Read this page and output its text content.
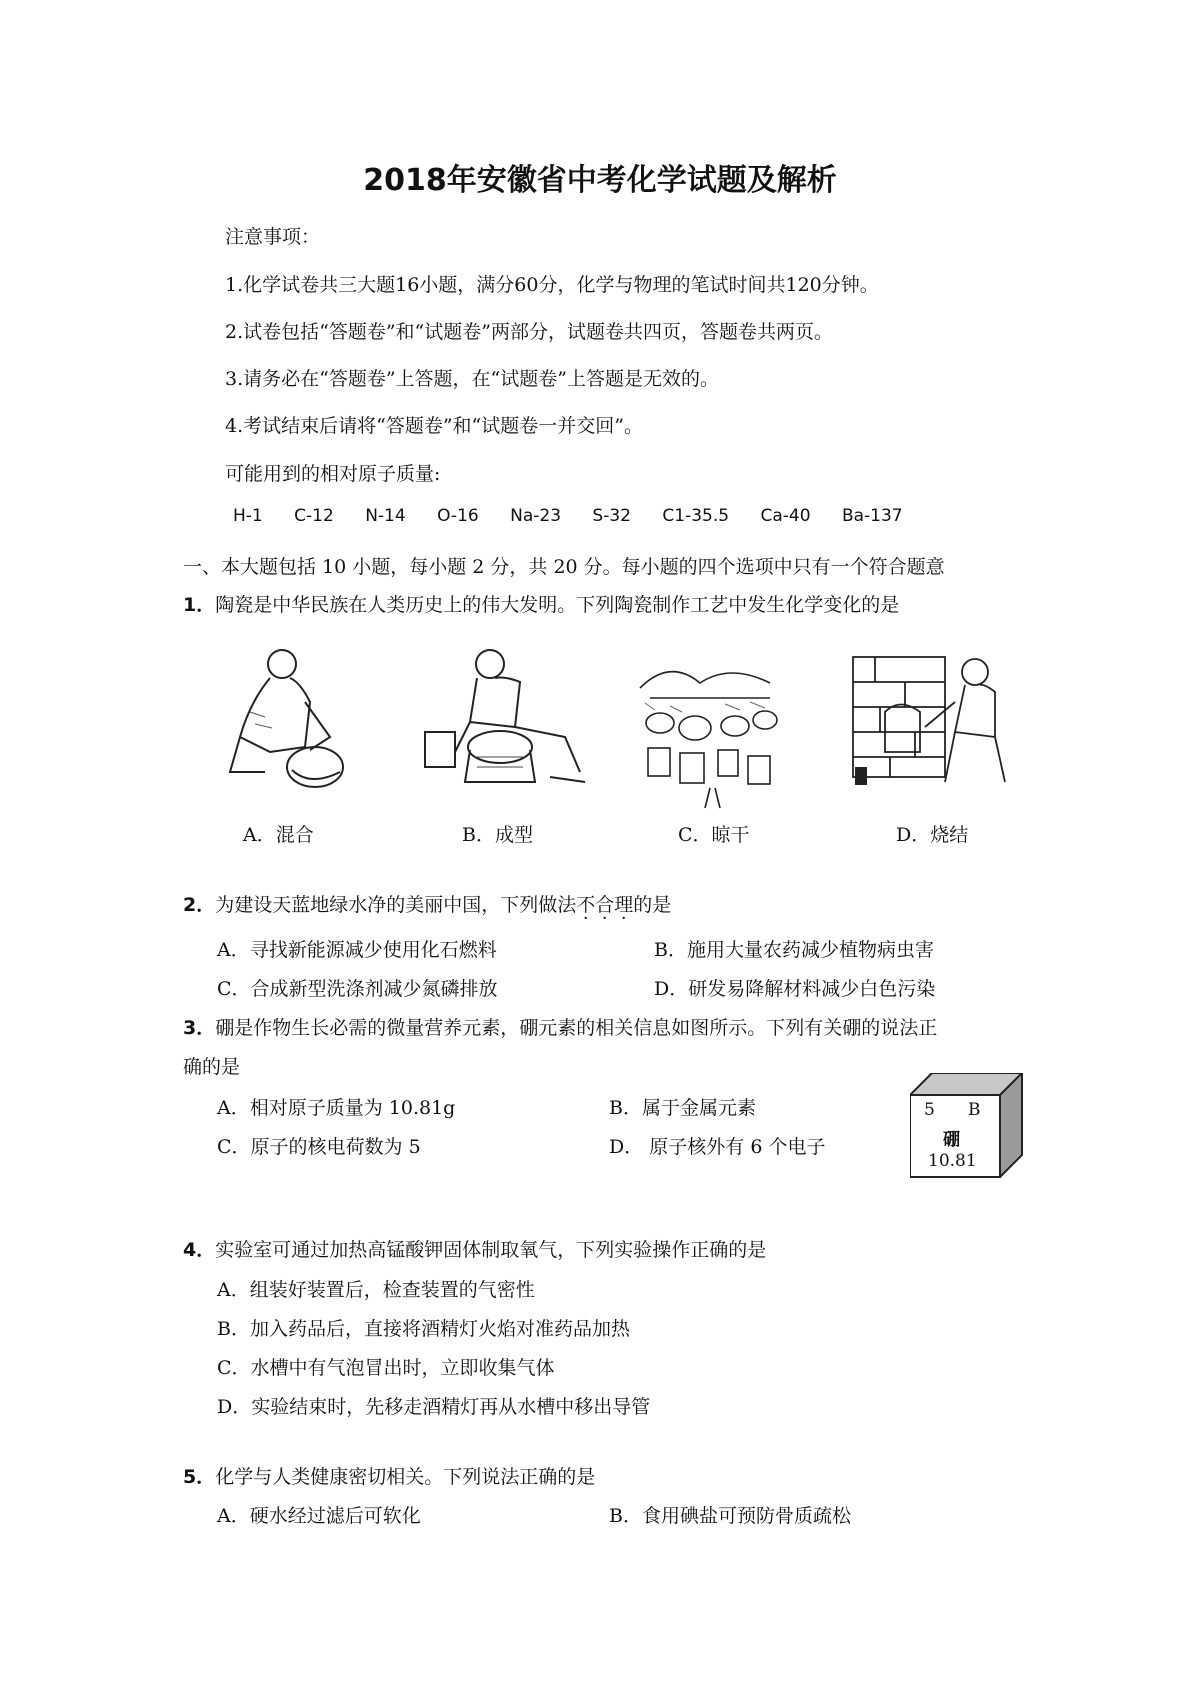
2018年安徽省中考化学试题及解析
注意事项：
1.化学试卷共三大题16小题，满分60分，化学与物理的笔试时间共120分钟。
2.试卷包括“答题卷”和“试题卷”两部分，试题卷共四页，答题卷共两页。
3.请务必在“答题卷”上答题，在“试题卷”上答题是无效的。
4.考试结束后请将“答题卷”和“试题卷一并交回”。
可能用到的相对原子质量:
H-1 C-12 N-14 O-16 Na-23 S-32 C1-35.5 Ca-40 Ba-137
一、本大题包括 10 小题，每小题 2 分，共 20 分。每小题的四个选项中只有一个符合题意
1．陶瓷是中华民族在人类历史上的伟大发明。下列陶瓷制作工艺中发生化学变化的是
A．混合	B．成型	C．晾干	D．烧结
2．为建设天蓝地绿水净的美丽中国，下列做法不合理的是
A．寻找新能源减少使用化石燃料	B．施用大量农药减少植物病虫害
C．合成新型洗涤剂减少氮磷排放	D．研发易降解材料减少白色污染
3．硼是作物生长必需的微量营养元素，硼元素的相关信息如图所示。下列有关硼的说法正
确的是
A．相对原子质量为 10.81g	B．属于金属元素
C．原子的核电荷数为 5	D． 原子核外有 6 个电子
5 B
硼
10.81
4．实验室可通过加热高锰酸钾固体制取氧气，下列实验操作正确的是
A．组装好装置后，检查装置的气密性
B．加入药品后，直接将酒精灯火焰对准药品加热
C．水槽中有气泡冒出时，立即收集气体
D．实验结束时，先移走酒精灯再从水槽中移出导管
5．化学与人类健康密切相关。下列说法正确的是
A．硬水经过滤后可软化	B．食用碘盐可预防骨质疏松
